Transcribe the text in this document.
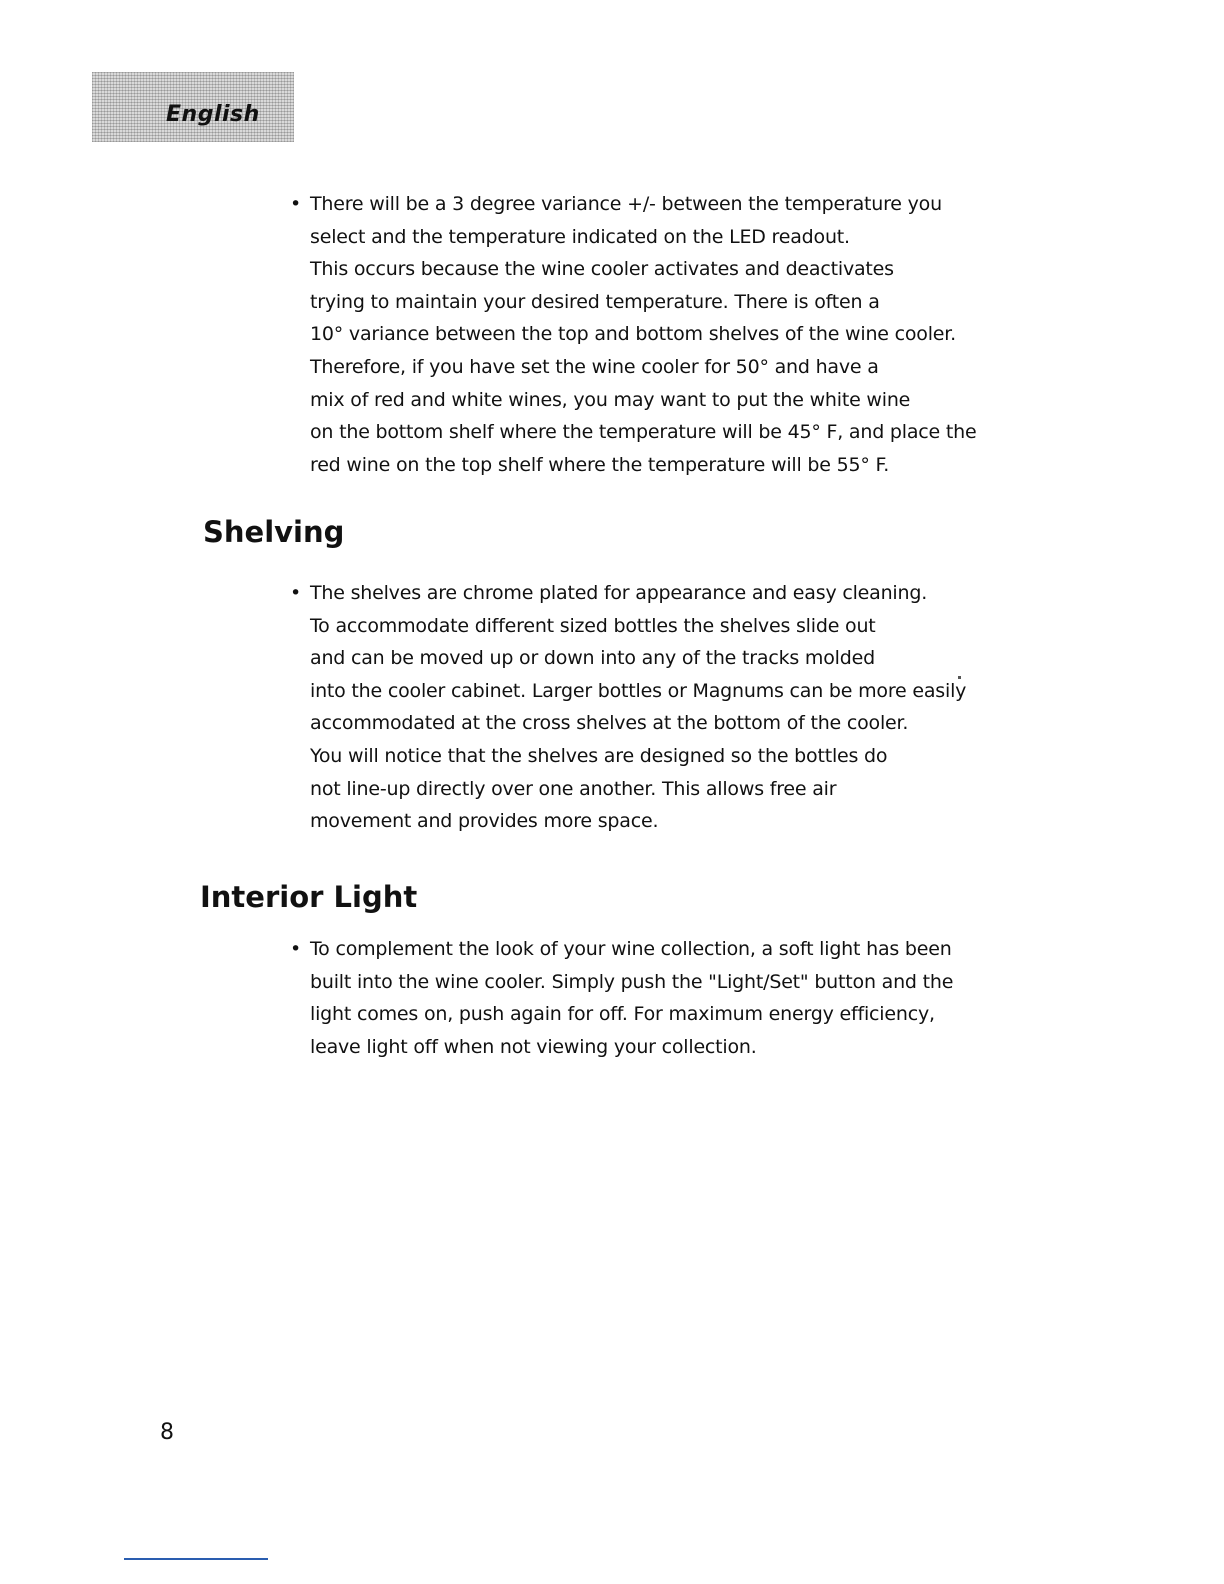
English
• There will be a 3 degree variance +/- between the temperature you
select and the temperature indicated on the LED readout.
This occurs because the wine cooler activates and deactivates
trying to maintain your desired temperature. There is often a
10° variance between the top and bottom shelves of the wine cooler.
Therefore, if you have set the wine cooler for 50° and have a
mix of red and white wines, you may want to put the white wine
on the bottom shelf where the temperature will be 45° F, and place the
red wine on the top shelf where the temperature will be 55° F.
Shelving
• The shelves are chrome plated for appearance and easy cleaning.
To accommodate different sized bottles the shelves slide out
and can be moved up or down into any of the tracks molded
into the cooler cabinet. Larger bottles or Magnums can be more easily
accommodated at the cross shelves at the bottom of the cooler.
You will notice that the shelves are designed so the bottles do
not line-up directly over one another. This allows free air
movement and provides more space.
Interior Light
• To complement the look of your wine collection, a soft light has been
built into the wine cooler. Simply push the "Light/Set" button and the
light comes on, push again for off. For maximum energy efficiency,
leave light off when not viewing your collection.
8
